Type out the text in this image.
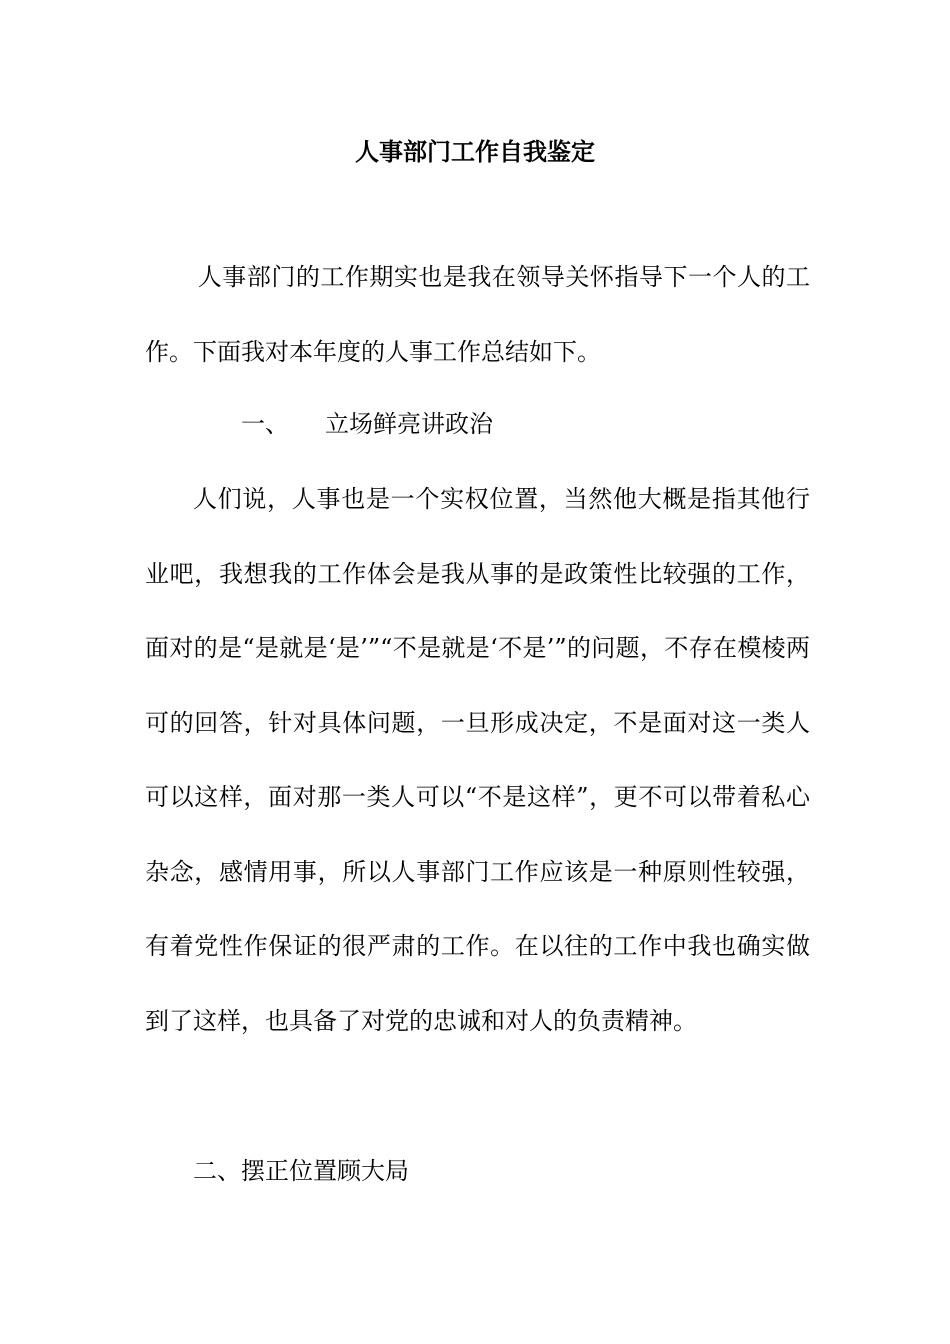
人事部门工作自我鉴定

人事部门的工作期实也是我在领导关怀指导下一个人的工作。下面我对本年度的人事工作总结如下。

一、 立场鲜亮讲政治

人们说，人事也是一个实权位置，当然他大概是指其他行业吧，我想我的工作体会是我从事的是政策性比较强的工作，面对的是“是就是‘是’”“不是就是‘不是’”的问题，不存在模棱两可的回答，针对具体问题，一旦形成决定，不是面对这一类人可以这样，面对那一类人可以“不是这样”，更不可以带着私心杂念，感情用事，所以人事部门工作应该是一种原则性较强，有着党性作保证的很严肃的工作。在以往的工作中我也确实做到了这样，也具备了对党的忠诚和对人的负责精神。

二、摆正位置顾大局
